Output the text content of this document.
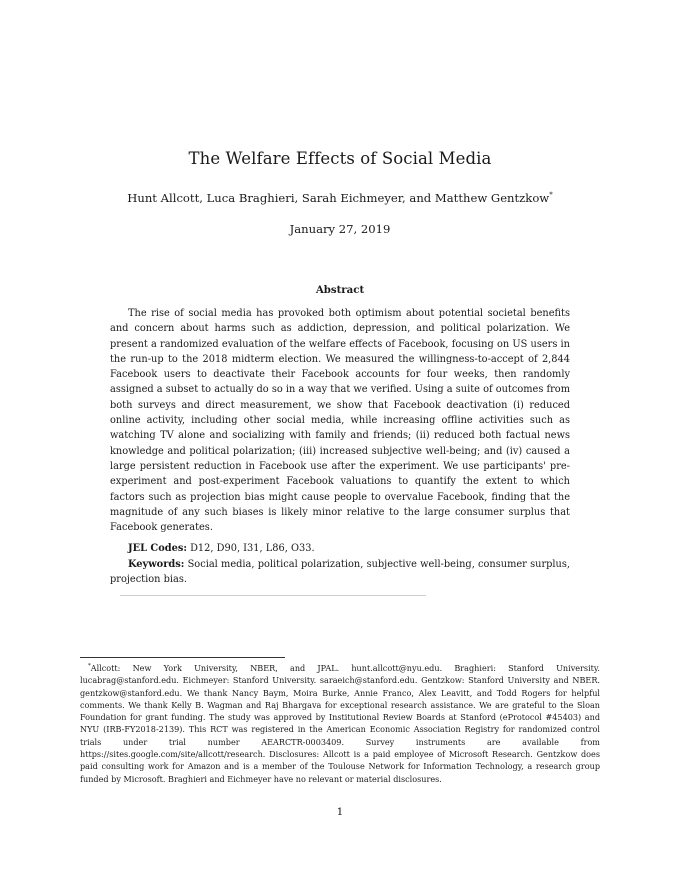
The Welfare Effects of Social Media
Hunt Allcott, Luca Braghieri, Sarah Eichmeyer, and Matthew Gentzkow*
January 27, 2019
Abstract

The rise of social media has provoked both optimism about potential societal benefits and concern about harms such as addiction, depression, and political polarization. We present a randomized evaluation of the welfare effects of Facebook, focusing on US users in the run-up to the 2018 midterm election. We measured the willingness-to-accept of 2,844 Facebook users to deactivate their Facebook accounts for four weeks, then randomly assigned a subset to actually do so in a way that we verified. Using a suite of outcomes from both surveys and direct measurement, we show that Facebook deactivation (i) reduced online activity, including other social media, while increasing offline activities such as watching TV alone and socializing with family and friends; (ii) reduced both factual news knowledge and political polarization; (iii) increased subjective well-being; and (iv) caused a large persistent reduction in Facebook use after the experiment. We use participants' pre-experiment and post-experiment Facebook valuations to quantify the extent to which factors such as projection bias might cause people to overvalue Facebook, finding that the magnitude of any such biases is likely minor relative to the large consumer surplus that Facebook generates.

JEL Codes: D12, D90, I31, L86, O33.

Keywords: Social media, political polarization, subjective well-being, consumer surplus, projection bias.

*Allcott: New York University, NBER, and JPAL. hunt.allcott@nyu.edu. Braghieri: Stanford University. lucabrag@stanford.edu. Eichmeyer: Stanford University. saraeich@stanford.edu. Gentzkow: Stanford University and NBER. gentzkow@stanford.edu. We thank Nancy Baym, Moira Burke, Annie Franco, Alex Leavitt, and Todd Rogers for helpful comments. We thank Kelly B. Wagman and Raj Bhargava for exceptional research assistance. We are grateful to the Sloan Foundation for grant funding. The study was approved by Institutional Review Boards at Stanford (eProtocol #45403) and NYU (IRB-FY2018-2139). This RCT was registered in the American Economic Association Registry for randomized control trials under trial number AEARCTR-0003409. Survey instruments are available from https://sites.google.com/site/allcott/research. Disclosures: Allcott is a paid employee of Microsoft Research. Gentzkow does paid consulting work for Amazon and is a member of the Toulouse Network for Information Technology, a research group funded by Microsoft. Braghieri and Eichmeyer have no relevant or material disclosures.

1
